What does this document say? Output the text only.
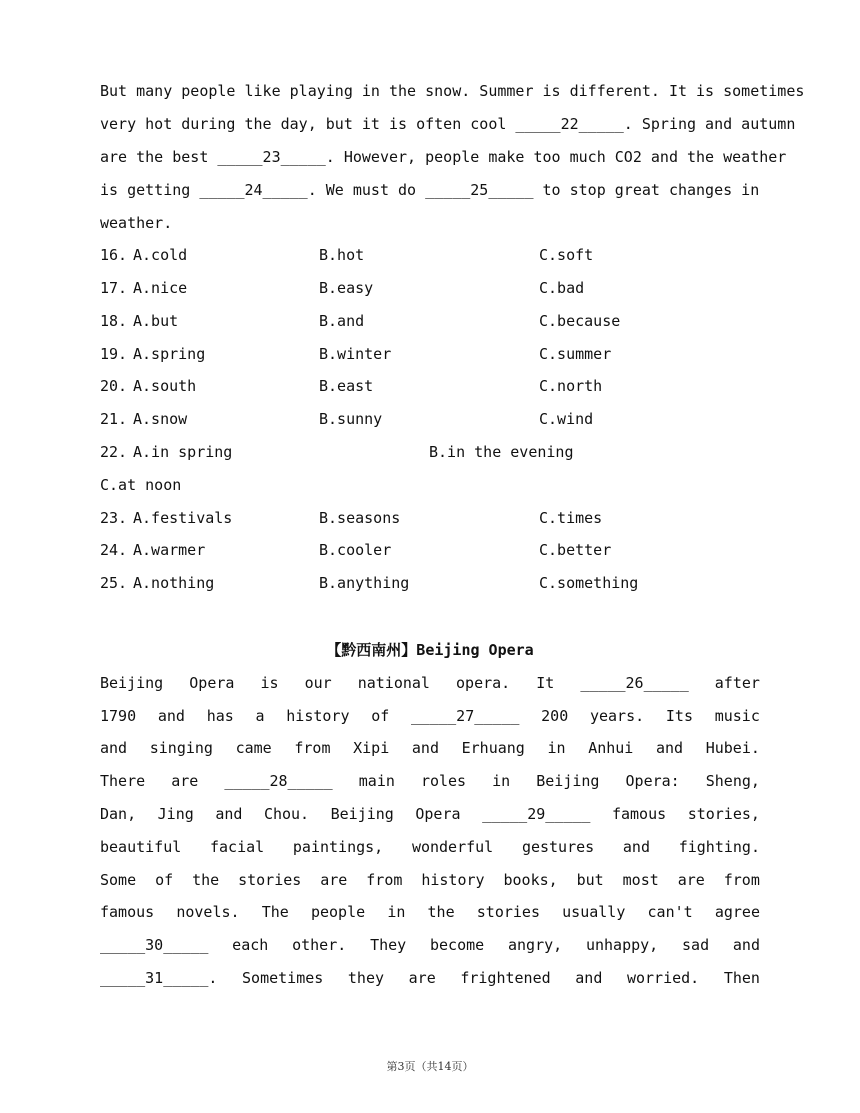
But many people like playing in the snow. Summer is different. It is sometimes
very hot during the day, but it is often cool _____22_____. Spring and autumn
are the best _____23_____. However, people make too much CO2 and the weather
is getting _____24_____. We must do _____25_____ to stop great changes in
weather.
16. A.cold	B.hot	C.soft
17. A.nice	B.easy	C.bad
18. A.but	B.and	C.because
19. A.spring	B.winter	C.summer
20. A.south	B.east	C.north
21. A.snow	B.sunny	C.wind
22. A.in spring	B.in the evening
C.at noon
23. A.festivals	B.seasons	C.times
24. A.warmer	B.cooler	C.better
25. A.nothing	B.anything	C.something
【黔西南州】Beijing Opera
Beijing Opera is our national opera. It _____26_____ after
1790 and has a history of _____27_____ 200 years. Its music
and singing came from Xipi and Erhuang in Anhui and Hubei.
There are _____28_____ main roles in Beijing Opera: Sheng,
Dan, Jing and Chou. Beijing Opera _____29_____ famous stories,
beautiful facial paintings, wonderful gestures and fighting.
Some of the stories are from history books, but most are from
famous novels. The people in the stories usually can't agree
_____30_____ each other. They become angry, unhappy, sad and
_____31_____. Sometimes they are frightened and worried. Then
第3页（共14页）
